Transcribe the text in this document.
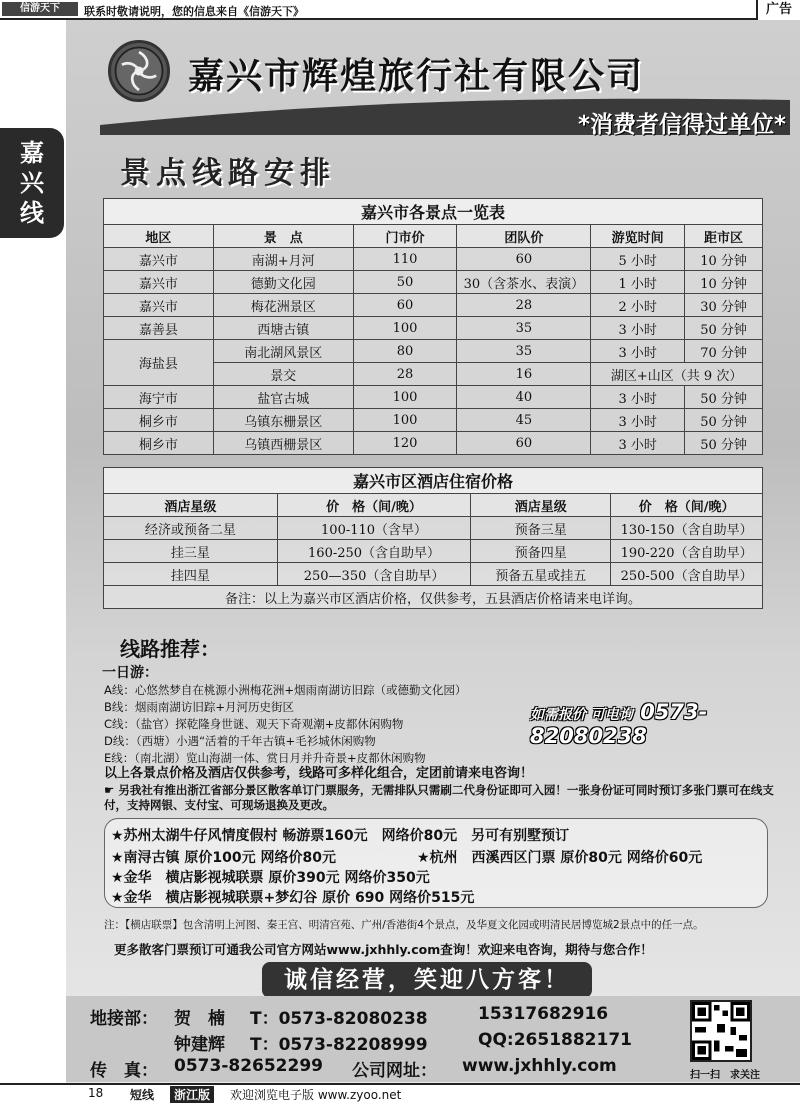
信游天下	联系时敬请说明，您的信息来自《信游天下》	广告
嘉
兴
线
嘉兴市辉煌旅行社有限公司
*消费者信得过单位*
景点线路安排
嘉兴市各景点一览表					
地区	景　点	门市价	团队价	游览时间	距市区
嘉兴市	南湖+月河	110	60	5 小时	10 分钟
嘉兴市	德勤文化园	50	30（含茶水、表演）	1 小时	10 分钟
嘉兴市	梅花洲景区	60	28	2 小时	30 分钟
嘉善县	西塘古镇	100	35	3 小时	50 分钟
海盐县	南北湖风景区	80	35	3 小时	70 分钟
	景交	28	16	湖区+山区（共 9 次）	
海宁市	盐官古城	100	40	3 小时	50 分钟
桐乡市	乌镇东栅景区	100	45	3 小时	50 分钟
桐乡市	乌镇西栅景区	120	60	3 小时	50 分钟
嘉兴市区酒店住宿价格			
酒店星级	价　格（间/晚）	酒店星级	价　格（间/晚）
经济或预备二星	100-110（含早）	预备三星	130-150（含自助早）
挂三星	160-250（含自助早）	预备四星	190-220（含自助早）
挂四星	250—350（含自助早）	预备五星或挂五	250-500（含自助早）
备注：以上为嘉兴市区酒店价格，仅供参考，五县酒店价格请来电详询。			
线路推荐：
一日游：
A线：心悠然梦自在桃源小洲梅花洲+烟雨南湖访旧踪（或德勤文化园）
B线：烟雨南湖访旧踪+月河历史街区
C线：（盐官）探乾隆身世谜、观天下奇观潮+皮都休闲购物
D线：（西塘）小遇“活着的千年古镇+毛衫城休闲购物
E线：（南北湖）览山海湖一体、赏日月并升奇景+皮都休闲购物
如需报价 可电询 0573-82080238
以上各景点价格及酒店仅供参考，线路可多样化组合，定团前请来电咨询！
☛ 另我社有推出浙江省部分景区散客单订门票服务，无需排队只需刷二代身份证即可入园！一张身份证可同时预订多张门票可在线支付，支持网银、支付宝、可现场退换及更改。
★苏州太湖牛仔风情度假村 畅游票160元　网络价80元　另可有别墅预订
★南浔古镇 原价100元 网络价80元	★杭州　西溪西区门票 原价80元 网络价60元
★金华　横店影视城联票 原价390元 网络价350元
★金华　横店影视城联票+梦幻谷 原价 690 网络价515元
注：【横店联票】包含清明上河图、秦王宫、明清宫苑、广州/香港街4个景点，及华夏文化园或明清民居博览城2景点中的任一点。
更多散客门票预订可通我公司官方网站www.jxhhly.com查询！欢迎来电咨询，期待与您合作！
诚信经营，笑迎八方客！
地接部： 贺　楠 T：0573-82080238	15317682916
钟建辉 T：0573-82208999	QQ:2651882171
传　真： 0573-82652299 公司网址： www.jxhhly.com	扫一扫　求关注
18 短线	浙江版	欢迎浏览电子版 www.zyoo.net
